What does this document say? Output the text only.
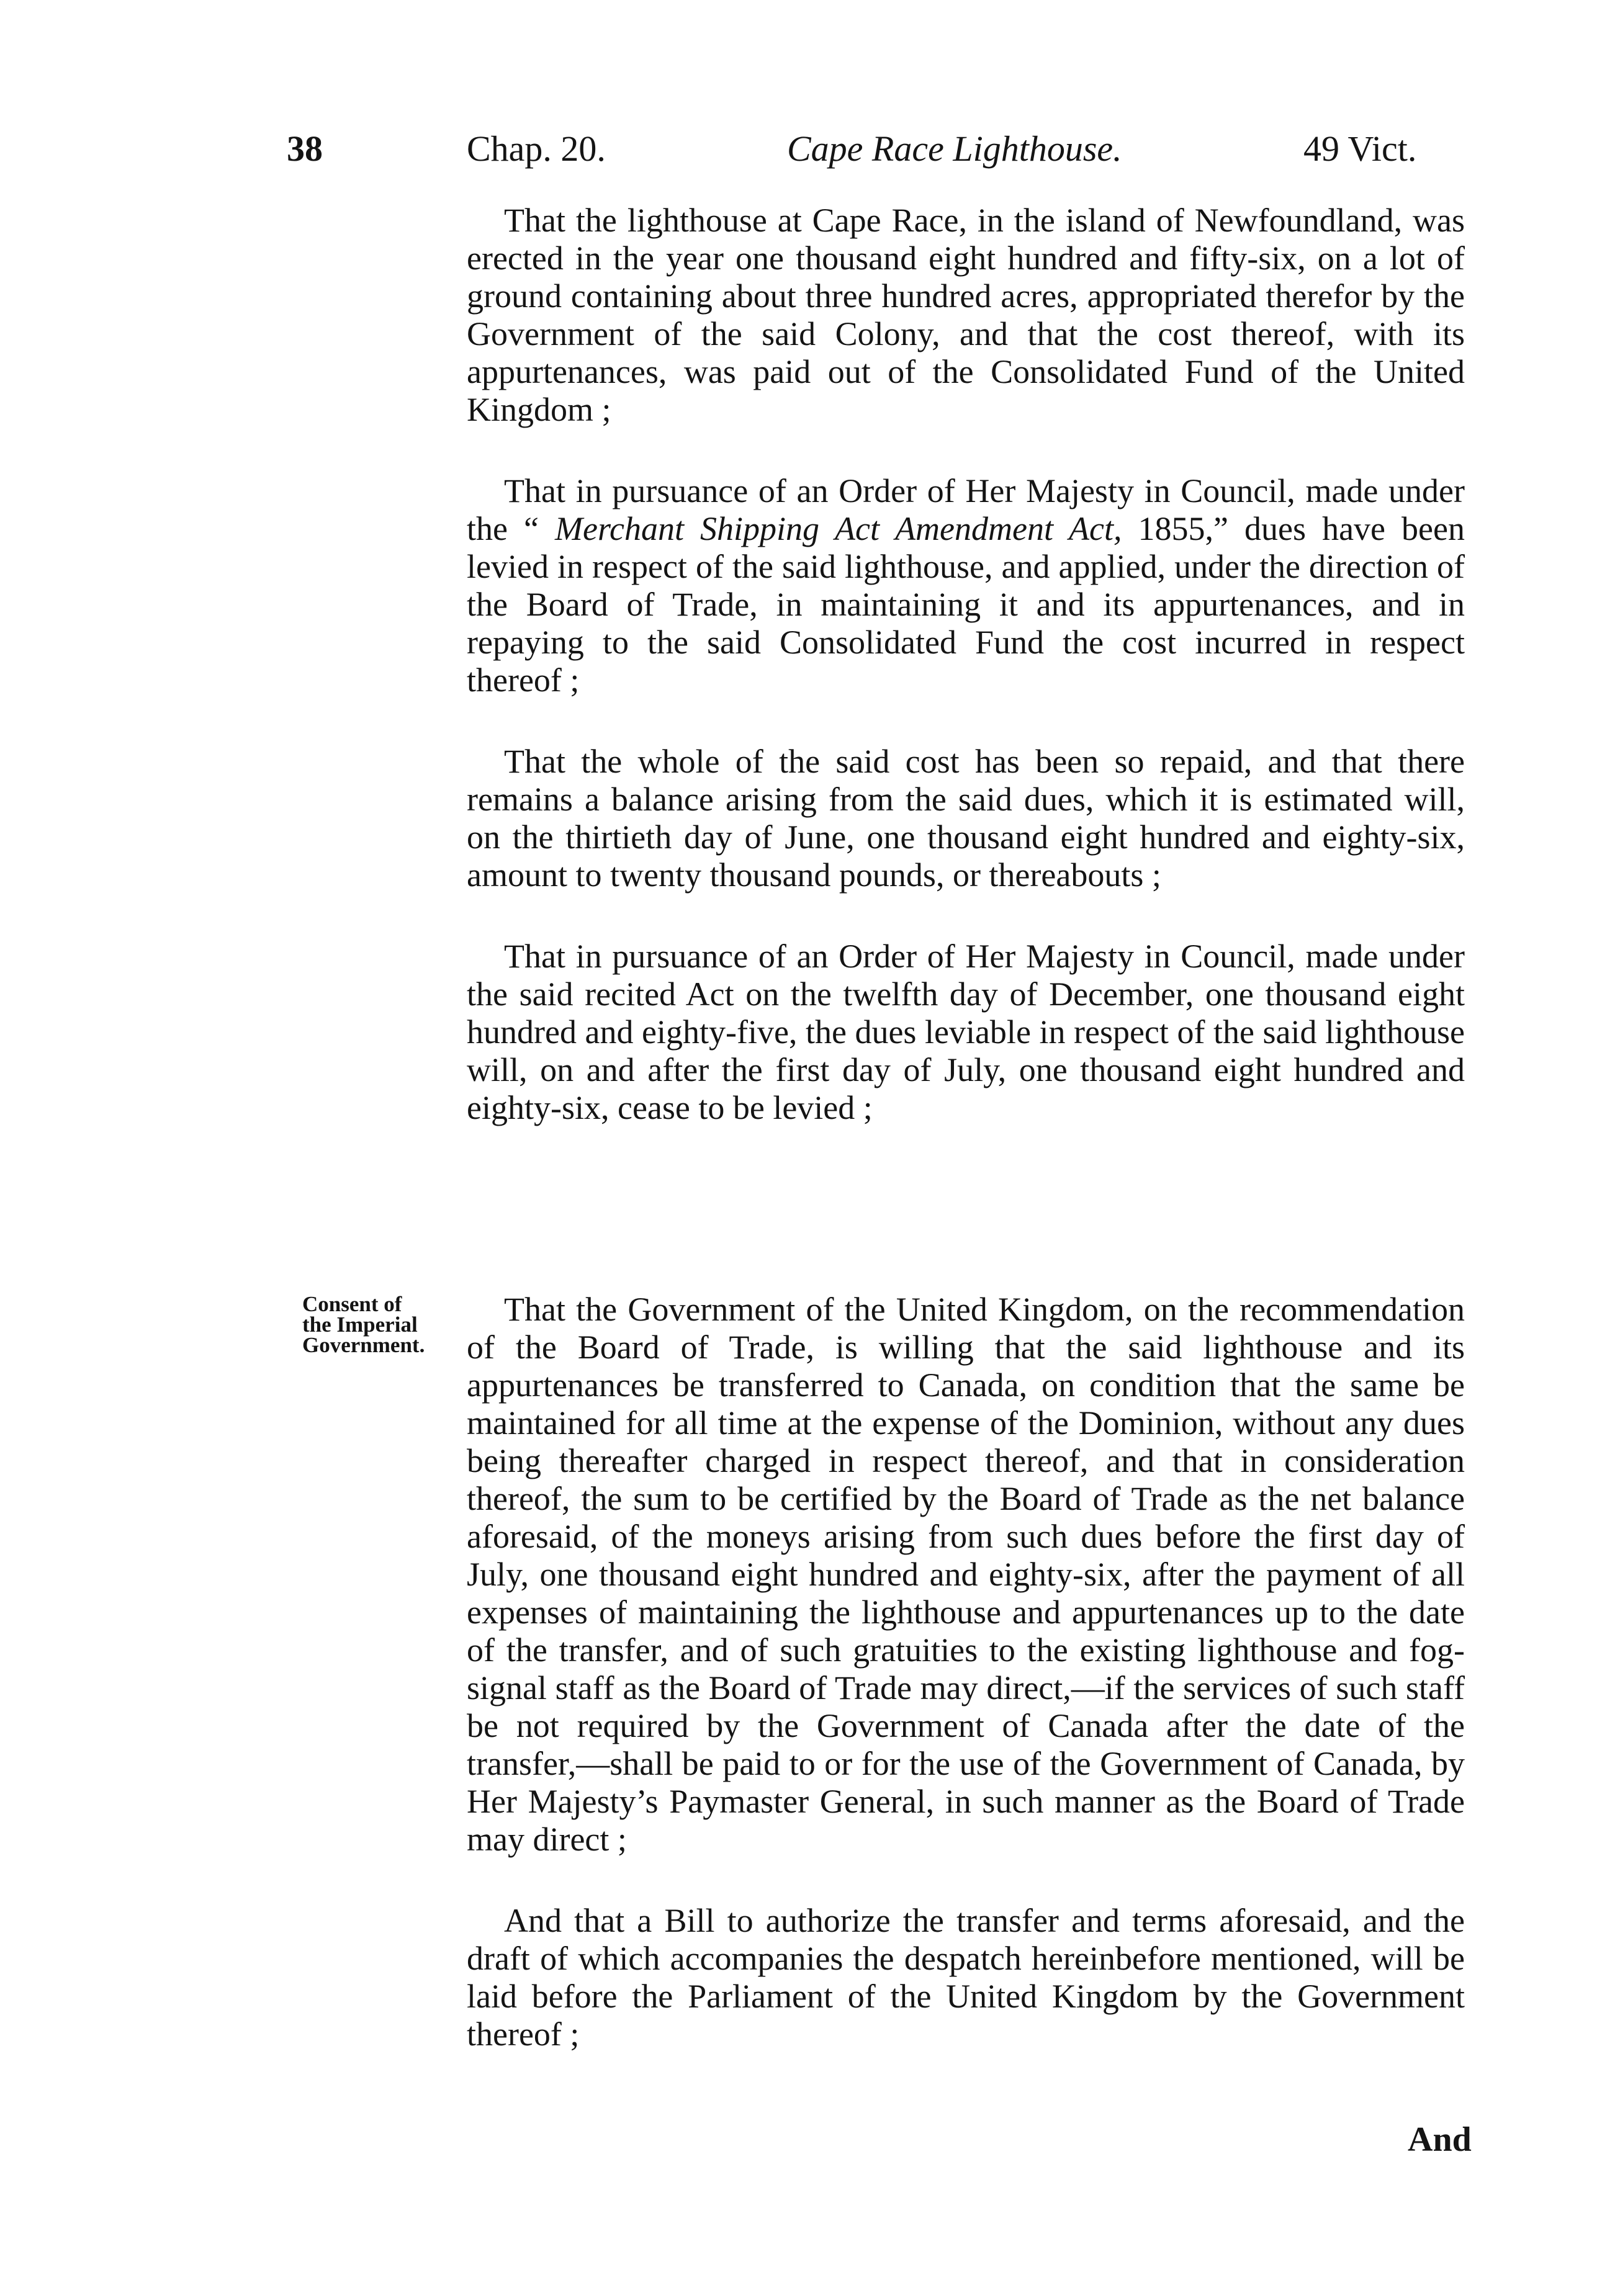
38	Chap. 20.	Cape Race Lighthouse.	49 Vict.

That the lighthouse at Cape Race, in the island of Newfoundland, was erected in the year one thousand eight hundred and fifty-six, on a lot of ground containing about three hundred acres, appropriated therefor by the Government of the said Colony, and that the cost thereof, with its appurtenances, was paid out of the Consolidated Fund of the United Kingdom ;

That in pursuance of an Order of Her Majesty in Council, made under the “ Merchant Shipping Act Amendment Act, 1855,” dues have been levied in respect of the said lighthouse, and applied, under the direction of the Board of Trade, in maintaining it and its appurtenances, and in repaying to the said Consolidated Fund the cost incurred in respect thereof ;

That the whole of the said cost has been so repaid, and that there remains a balance arising from the said dues, which it is estimated will, on the thirtieth day of June, one thousand eight hundred and eighty-six, amount to twenty thousand pounds, or thereabouts ;

That in pursuance of an Order of Her Majesty in Council, made under the said recited Act on the twelfth day of December, one thousand eight hundred and eighty-five, the dues leviable in respect of the said lighthouse will, on and after the first day of July, one thousand eight hundred and eighty-six, cease to be levied ;

That the Government of the United Kingdom, on the recommendation of the Board of Trade, is willing that the said lighthouse and its appurtenances be transferred to Canada, on condition that the same be maintained for all time at the expense of the Dominion, without any dues being thereafter charged in respect thereof, and that in consideration thereof, the sum to be certified by the Board of Trade as the net balance aforesaid, of the moneys arising from such dues before the first day of July, one thousand eight hundred and eighty-six, after the payment of all expenses of maintaining the lighthouse and appurtenances up to the date of the transfer, and of such gratuities to the existing lighthouse and fog-signal staff as the Board of Trade may direct,—if the services of such staff be not required by the Government of Canada after the date of the transfer,—shall be paid to or for the use of the Government of Canada, by Her Majesty’s Paymaster General, in such manner as the Board of Trade may direct ;

And that a Bill to authorize the transfer and terms aforesaid, and the draft of which accompanies the despatch hereinbefore mentioned, will be laid before the Parliament of the United Kingdom by the Government thereof ;

Consent of
the Imperial
Government.
And
